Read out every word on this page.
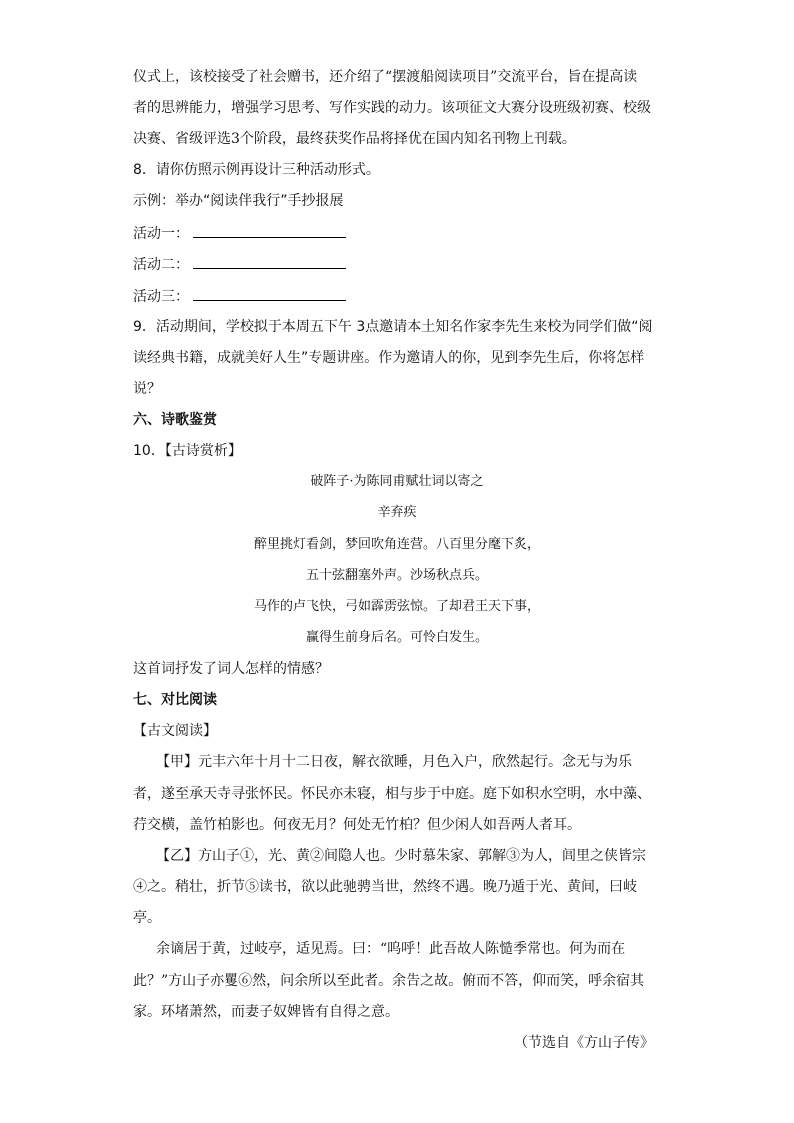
仪式上，该校接受了社会赠书，还介绍了“摆渡船阅读项目”交流平台，旨在提高读
者的思辨能力，增强学习思考、写作实践的动力。该项征文大赛分设班级初赛、校级
决赛、省级评选3个阶段，最终获奖作品将择优在国内知名刊物上刊载。
8．请你仿照示例再设计三种活动形式。
示例：举办“阅读伴我行”手抄报展
活动一：
活动二：
活动三：
9．活动期间，学校拟于本周五下午 3点邀请本土知名作家李先生来校为同学们做“阅
读经典书籍，成就美好人生”专题讲座。作为邀请人的你，见到李先生后，你将怎样
说？
六、诗歌鉴赏
10．【古诗赏析】
破阵子·为陈同甫赋壮词以寄之
辛弃疾
醉里挑灯看剑，梦回吹角连营。八百里分麾下炙，
五十弦翻塞外声。沙场秋点兵。
马作的卢飞快，弓如霹雳弦惊。了却君王天下事，
赢得生前身后名。可怜白发生。
这首词抒发了词人怎样的情感？
七、对比阅读
【古文阅读】
【甲】元丰六年十月十二日夜，解衣欲睡，月色入户，欣然起行。念无与为乐
者，遂至承天寺寻张怀民。怀民亦未寝，相与步于中庭。庭下如积水空明，水中藻、
荇交横，盖竹柏影也。何夜无月？何处无竹柏？但少闲人如吾两人者耳。
【乙】方山子①，光、黄②间隐人也。少时慕朱家、郭解③为人，闾里之侠皆宗
④之。稍壮，折节⑤读书，欲以此驰骋当世，然终不遇。晚乃遁于光、黄间，曰岐
亭。
余谪居于黄，过岐亭，适见焉。曰：“呜呼！此吾故人陈慥季常也。何为而在
此？”方山子亦矍⑥然，问余所以至此者。余告之故。俯而不答，仰而笑，呼余宿其
家。环堵萧然，而妻子奴婢皆有自得之意。
（节选自《方山子传》
